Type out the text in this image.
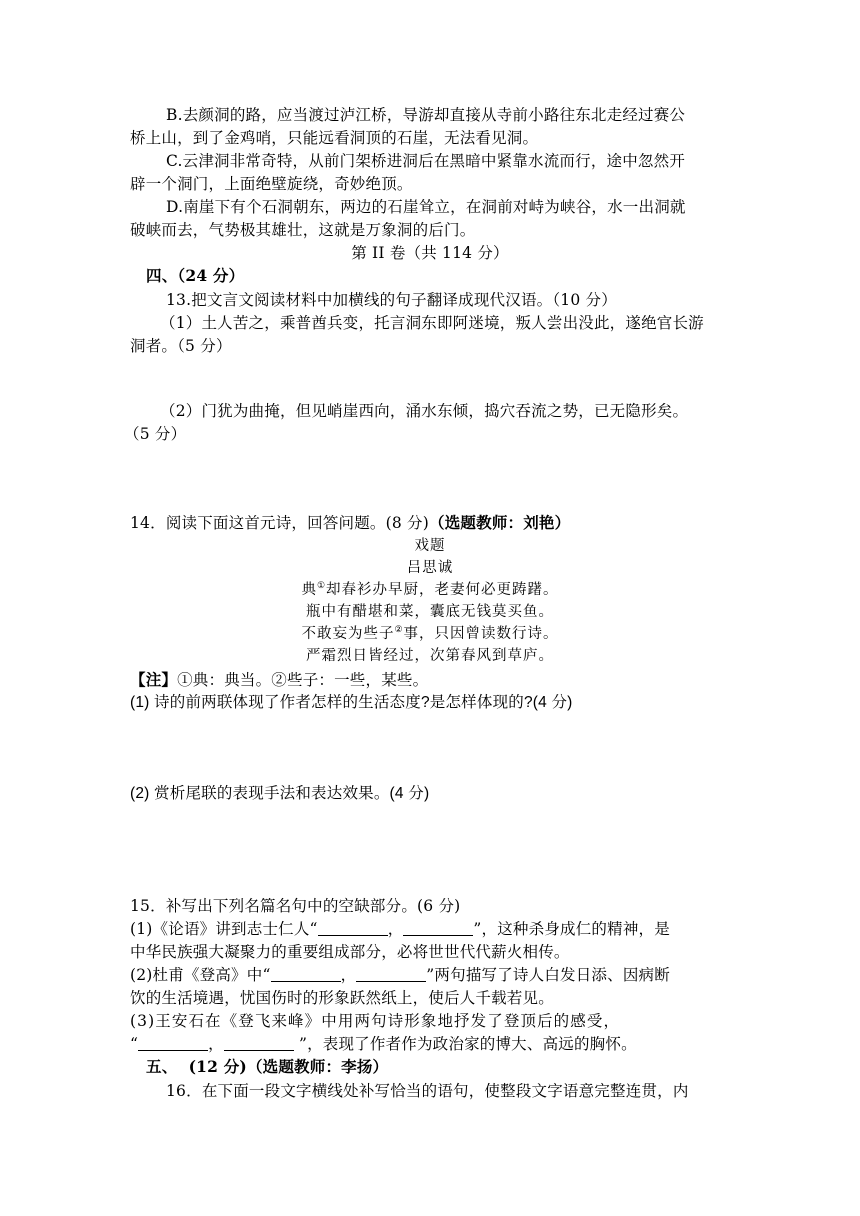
B.去颜洞的路，应当渡过泸江桥，导游却直接从寺前小路往东北走经过赛公
桥上山，到了金鸡哨，只能远看洞顶的石崖，无法看见洞。
C.云津洞非常奇特，从前门架桥进洞后在黑暗中紧靠水流而行，途中忽然开
辟一个洞门，上面绝壁旋绕，奇妙绝顶。
D.南崖下有个石洞朝东，两边的石崖耸立，在洞前对峙为峡谷，水一出洞就
破峡而去，气势极其雄壮，这就是万象洞的后门。
第 II 卷（共 114 分）
四、（24 分）
13.把文言文阅读材料中加横线的句子翻译成现代汉语。（10 分）
（1）土人苦之，乘普酋兵变，托言洞东即阿迷境，叛人尝出没此，遂绝官长游
洞者。（5 分）
（2）门犹为曲掩，但见峭崖西向，涌水东倾，捣穴吞流之势，已无隐形矣。
（5 分）
14．阅读下面这首元诗，回答问题。(8 分)（选题教师：刘艳）
戏题
吕思诚
典①却春衫办早厨，老妻何必更踌躇。
瓶中有醋堪和菜，囊底无钱莫买鱼。
不敢妄为些子②事，只因曾读数行诗。
严霜烈日皆经过，次第春风到草庐。
【注】①典：典当。②些子：一些，某些。
(1) 诗的前两联体现了作者怎样的生活态度?是怎样体现的?(4 分)
(2) 赏析尾联的表现手法和表达效果。(4 分)
15．补写出下列名篇名句中的空缺部分。(6 分)
(1)《论语》讲到志士仁人“	，	”，这种杀身成仁的精神，是
中华民族强大凝聚力的重要组成部分，必将世世代代薪火相传。
(2)杜甫《登高》中“	，	”两句描写了诗人白发日添、因病断
饮的生活境遇，忧国伤时的形象跃然纸上，使后人千载若见。
(3)王安石在《登飞来峰》中用两句诗形象地抒发了登顶后的感受，
“	，	”，表现了作者作为政治家的博大、高远的胸怀。
五、 (12 分)（选题教师：李扬）
16．在下面一段文字横线处补写恰当的语句，使整段文字语意完整连贯，内
